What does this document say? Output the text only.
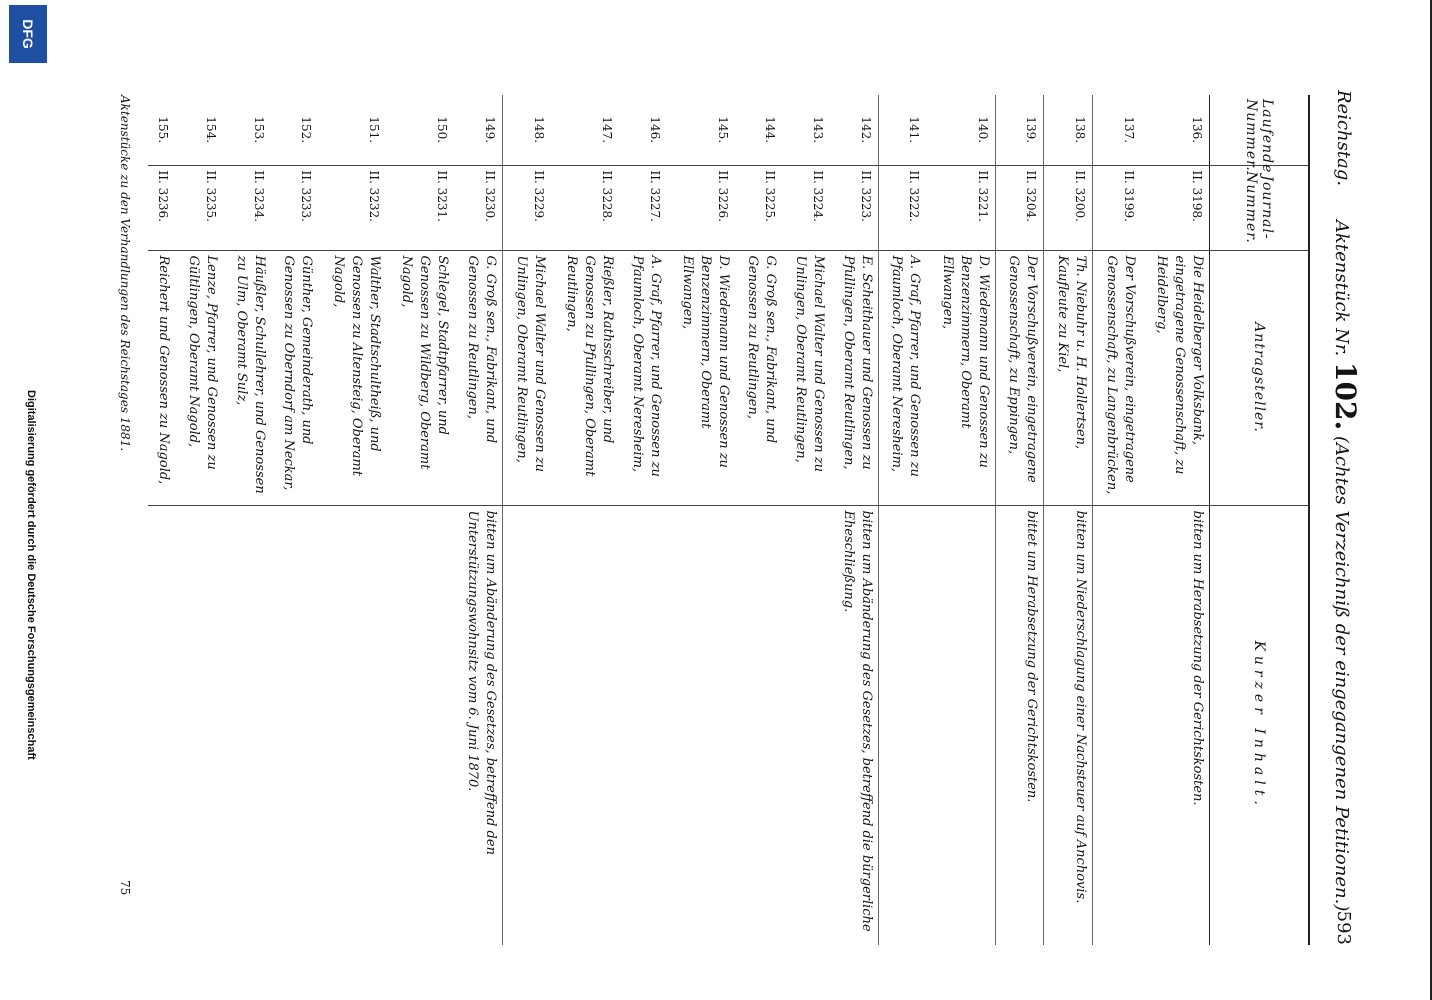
Reichstag.
Aktenstück Nr. 102. (Achtes Verzeichniß der eingegangenen Petitionen.)
593
Laufende Nummer.	Journal-Nummer.	Antragsteller.	Kurzer Inhalt.
136.	II. 3198.	Die Heidelberger Volksbank, eingetragene Genossenschaft, zu Heidelberg,	bitten um Herabsetzung der Gerichtskosten.
137.	II. 3199.	Der Vorschußverein, eingetragene Genossenschaft, zu Langenbrücken,	
138.	II. 3200.	Th. Niebuhr u. H. Hollertsen, Kaufleute zu Kiel,	bitten um Niederschlagung einer Nachsteuer auf Anchovis.
139.	II. 3204.	Der Vorschußverein, eingetragene Genossenschaft, zu Eppingen,	bittet um Herabsetzung der Gerichtskosten.
140.	II. 3221.	D. Wiedemann und Genossen zu Benzenzimmern, Oberamt Ellwangen,	
141.	II. 3222.	A. Graf, Pfarrer, und Genossen zu Pfaumloch, Oberamt Neresheim,	
142.	II. 3223.	E. Scheithauer und Genossen zu Pfullingen, Oberamt Reutlingen,	bitten um Abänderung des Gesetzes, betreffend die bürgerliche Eheschließung.
143.	II. 3224.	Michael Walter und Genossen zu Unlingen, Oberamt Reutlingen,	
144.	II. 3225.	G. Groß sen., Fabrikant, und Genossen zu Reutlingen,	
145.	II. 3226.	D. Wiedemann und Genossen zu Benzenzimmern, Oberamt Ellwangen,	
146.	II. 3227.	A. Graf, Pfarrer, und Genossen zu Pfaumloch, Oberamt Neresheim,	
147.	II. 3228.	Rießler, Rathsschreiber, und Genossen zu Pfullingen, Oberamt Reutlingen,	
148.	II. 3229.	Michael Walter und Genossen zu Unlingen, Oberamt Reutlingen,	
149.	II. 3230.	G. Groß sen., Fabrikant, und Genossen zu Reutlingen,	bitten um Abänderung des Gesetzes, betreffend den Unterstützungswohnsitz vom 6. Juni 1870.
150.	II. 3231.	Schlegel, Stadtpfarrer, und Genossen zu Wildberg, Oberamt Nagold,	
151.	II. 3232.	Walther, Stadtschultheiß, und Genossen zu Altensteig, Oberamt Nagold,	
152.	II. 3233.	Günther, Gemeinderath, und Genossen zu Oberndorf am Neckar,	
153.	II. 3234.	Häußler, Schullehrer, und Genossen zu Ulm, Oberamt Sulz,	
154.	II. 3235.	Lenze, Pfarrer, und Genossen zu Gültlingen, Oberamt Nagold,	
155.	II. 3236.	Reichert und Genossen zu Nagold,	
Aktenstücke zu den Verhandlungen des Reichstages 1881.
75
Digitalisierung gefördert durch die Deutsche Forschungsgemeinschaft
DFG
